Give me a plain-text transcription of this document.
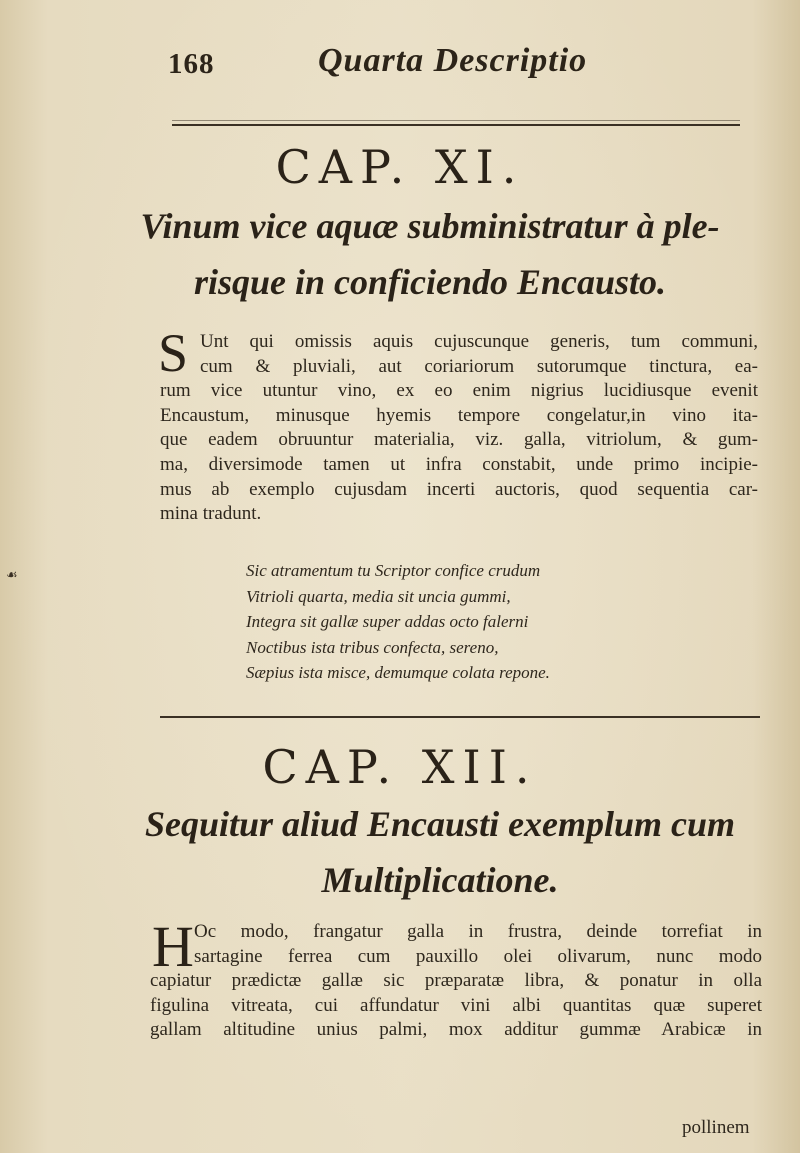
168	Quarta Descriptio
CAP. XI.
Vinum vice aquæ subministratur à ple-
risque in conficiendo Encausto.
S Unt qui omissis aquis cujuscunque generis, tum communi,
cum & pluviali, aut coriariorum sutorumque tinctura, ea-
rum vice utuntur vino, ex eo enim nigrius lucidiusque evenit
Encaustum, minusque hyemis tempore congelatur,in vino ita-
que eadem obruuntur materialia, viz. galla, vitriolum, & gum-
ma, diversimode tamen ut infra constabit, unde primo incipie-
mus ab exemplo cujusdam incerti auctoris, quod sequentia car-
mina tradunt.
☙	Sic atramentum tu Scriptor confice crudum
Vitrioli quarta, media sit uncia gummi,
Integra sit gallæ super addas octo falerni
Noctibus ista tribus confecta, sereno,
Sæpius ista misce, demumque colata repone.
CAP. XII.
Sequitur aliud Encausti exemplum cum
Multiplicatione.
H Oc modo, frangatur galla in frustra, deinde torrefiat in
sartagine ferrea cum pauxillo olei olivarum, nunc modo
capiatur prædictæ gallæ sic præparatæ libra, & ponatur in olla
figulina vitreata, cui affundatur vini albi quantitas quæ superet
gallam altitudine unius palmi, mox additur gummæ Arabicæ in
pollinem
